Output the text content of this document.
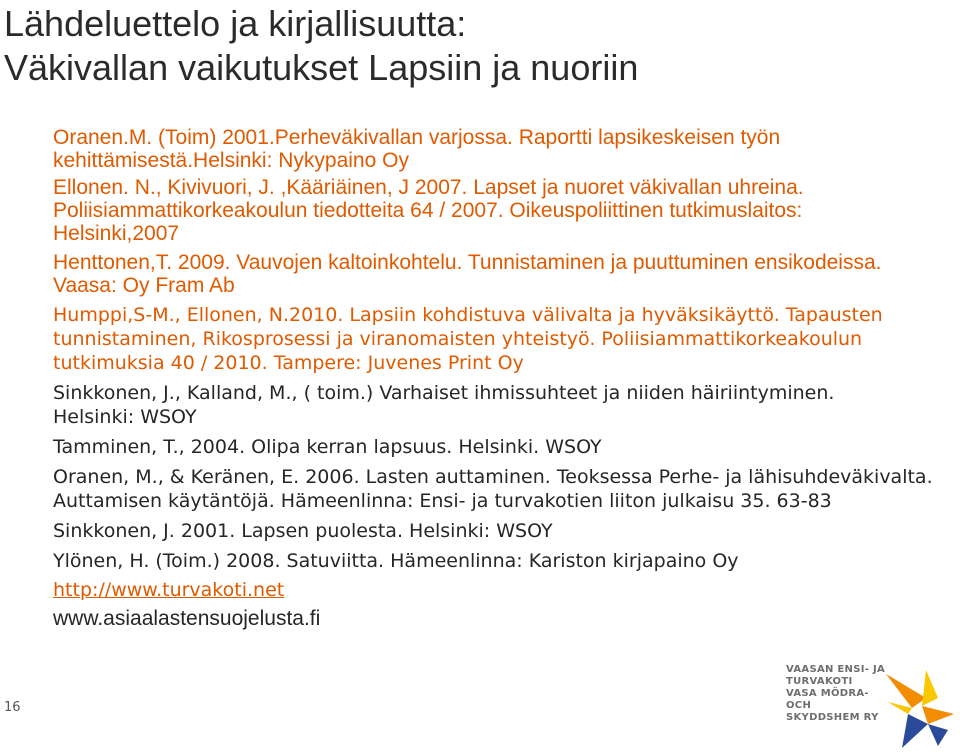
Lähdeluettelo ja kirjallisuutta:
Väkivallan vaikutukset Lapsiin ja nuoriin
Oranen.M. (Toim) 2001.Perheväkivallan varjossa. Raportti lapsikeskeisen työn
kehittämisestä.Helsinki: Nykypaino Oy
Ellonen. N., Kivivuori, J. ,Kääriäinen, J 2007. Lapset ja nuoret väkivallan uhreina.
Poliisiammattikorkeakoulun tiedotteita 64 / 2007. Oikeuspoliittinen tutkimuslaitos:
Helsinki,2007
Henttonen,T. 2009. Vauvojen kaltoinkohtelu. Tunnistaminen ja puuttuminen ensikodeissa.
Vaasa: Oy Fram Ab
Humppi,S-M., Ellonen, N.2010. Lapsiin kohdistuva välivalta ja hyväksikäyttö. Tapausten
tunnistaminen, Rikosprosessi ja viranomaisten yhteistyö. Poliisiammattikorkeakoulun
tutkimuksia 40 / 2010. Tampere: Juvenes Print Oy
Sinkkonen, J., Kalland, M., ( toim.) Varhaiset ihmissuhteet ja niiden häiriintyminen.
Helsinki: WSOY
Tamminen, T., 2004. Olipa kerran lapsuus. Helsinki. WSOY
Oranen, M., & Keränen, E. 2006. Lasten auttaminen. Teoksessa Perhe- ja lähisuhdeväkivalta.
Auttamisen käytäntöjä. Hämeenlinna: Ensi- ja turvakotien liiton julkaisu 35. 63-83
Sinkkonen, J. 2001. Lapsen puolesta. Helsinki: WSOY
Ylönen, H. (Toim.) 2008. Satuviitta. Hämeenlinna: Kariston kirjapaino Oy
http://www.turvakoti.net
www.asiaalastensuojelusta.fi
16
VAASAN ENSI- JA
TURVAKOTI
VASA MÖDRA- OCH
SKYDDSHEM RY
